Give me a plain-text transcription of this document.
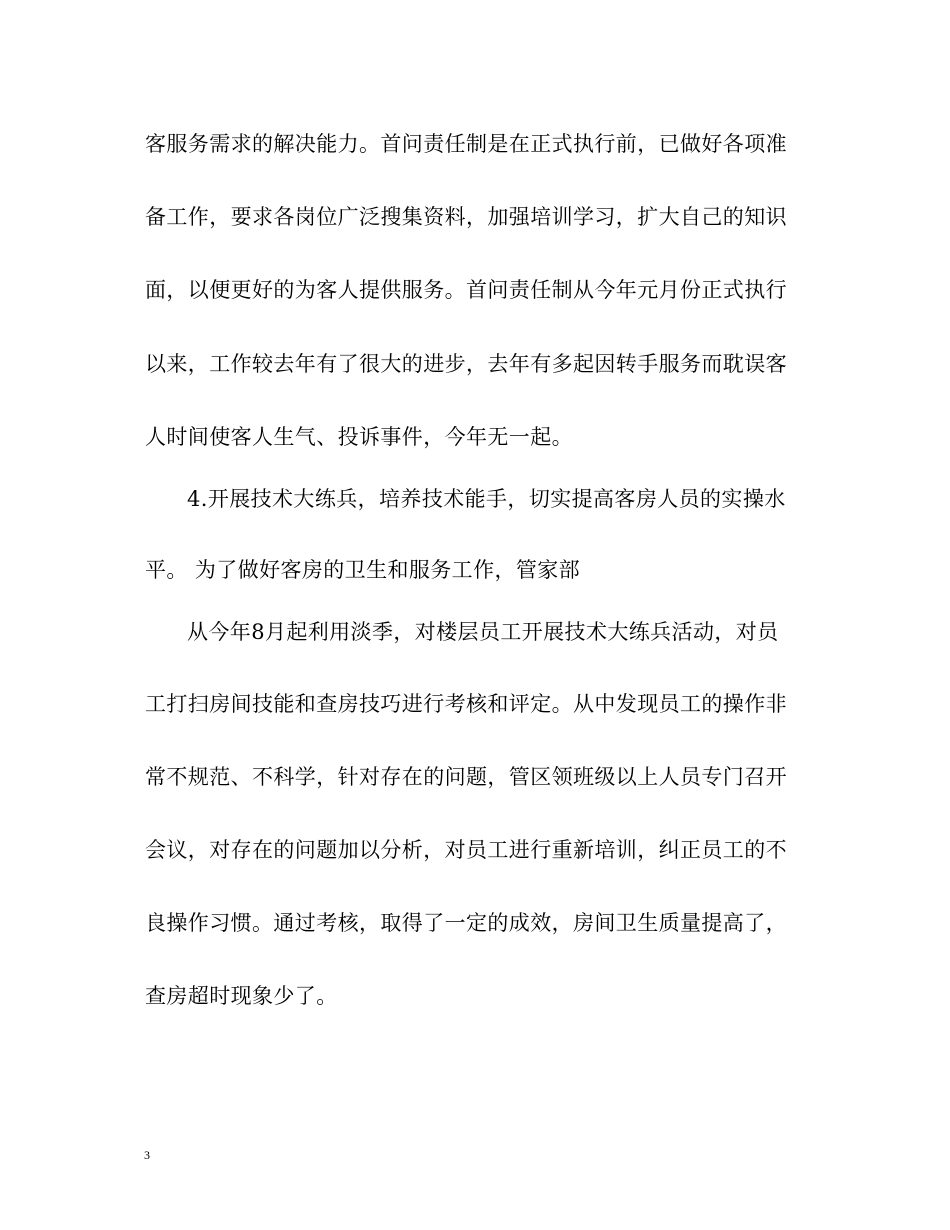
客服务需求的解决能力。首问责任制是在正式执行前，已做好各项准
备工作，要求各岗位广泛搜集资料，加强培训学习，扩大自己的知识
面，以便更好的为客人提供服务。首问责任制从今年元月份正式执行
以来，工作较去年有了很大的进步，去年有多起因转手服务而耽误客
人时间使客人生气、投诉事件，今年无一起。
4.开展技术大练兵，培养技术能手，切实提高客房人员的实操水
平。 为了做好客房的卫生和服务工作，管家部
从今年8月起利用淡季，对楼层员工开展技术大练兵活动，对员
工打扫房间技能和查房技巧进行考核和评定。从中发现员工的操作非
常不规范、不科学，针对存在的问题，管区领班级以上人员专门召开
会议，对存在的问题加以分析，对员工进行重新培训，纠正员工的不
良操作习惯。通过考核，取得了一定的成效，房间卫生质量提高了，
查房超时现象少了。
3
